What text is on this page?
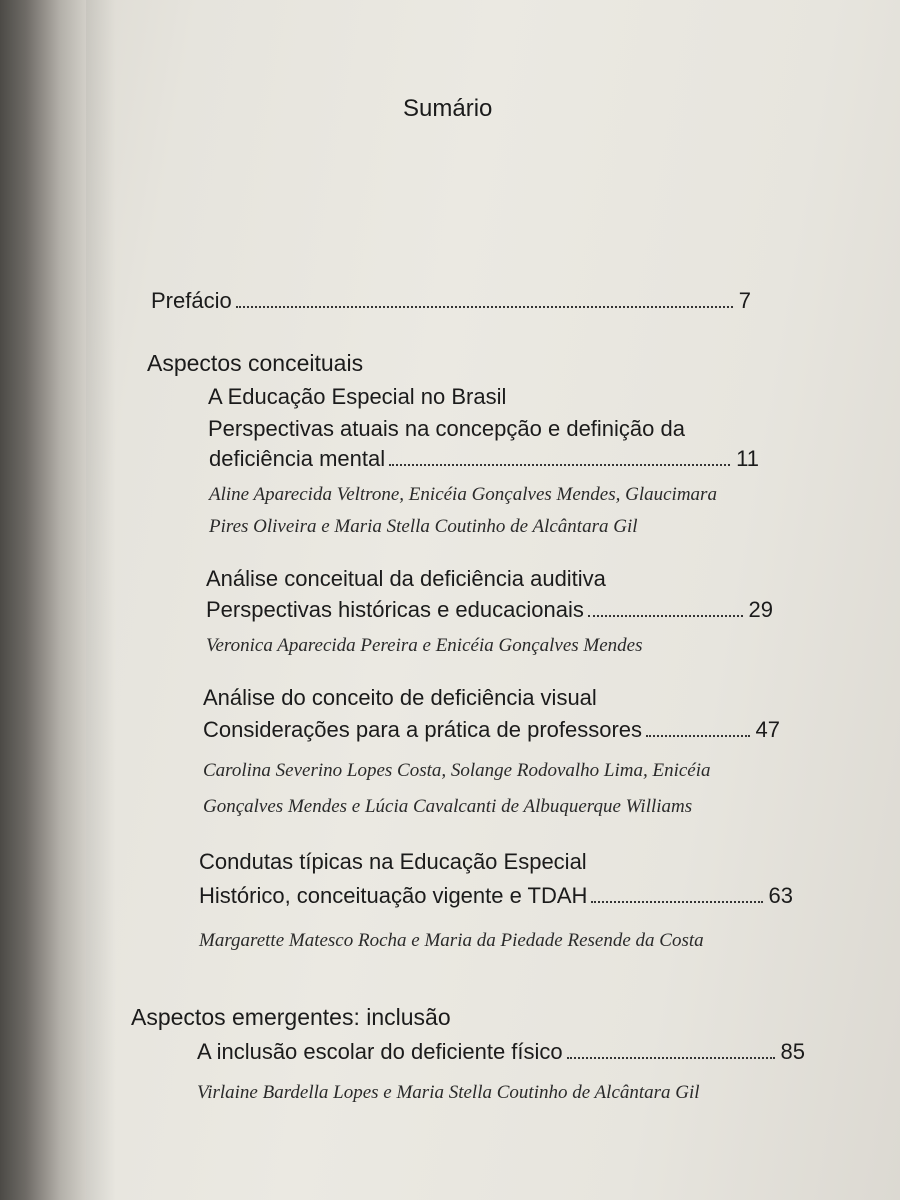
Sumário
Prefácio	7
Aspectos conceituais
A Educação Especial no Brasil
Perspectivas atuais na concepção e definição da
deficiência mental	11
Aline Aparecida Veltrone, Enicéia Gonçalves Mendes, Glaucimara
Pires Oliveira e Maria Stella Coutinho de Alcântara Gil
Análise conceitual da deficiência auditiva
Perspectivas históricas e educacionais	29
Veronica Aparecida Pereira e Enicéia Gonçalves Mendes
Análise do conceito de deficiência visual
Considerações para a prática de professores	47
Carolina Severino Lopes Costa, Solange Rodovalho Lima, Enicéia
Gonçalves Mendes e Lúcia Cavalcanti de Albuquerque Williams
Condutas típicas na Educação Especial
Histórico, conceituação vigente e TDAH	63
Margarette Matesco Rocha e Maria da Piedade Resende da Costa
Aspectos emergentes: inclusão
A inclusão escolar do deficiente físico	85
Virlaine Bardella Lopes e Maria Stella Coutinho de Alcântara Gil
